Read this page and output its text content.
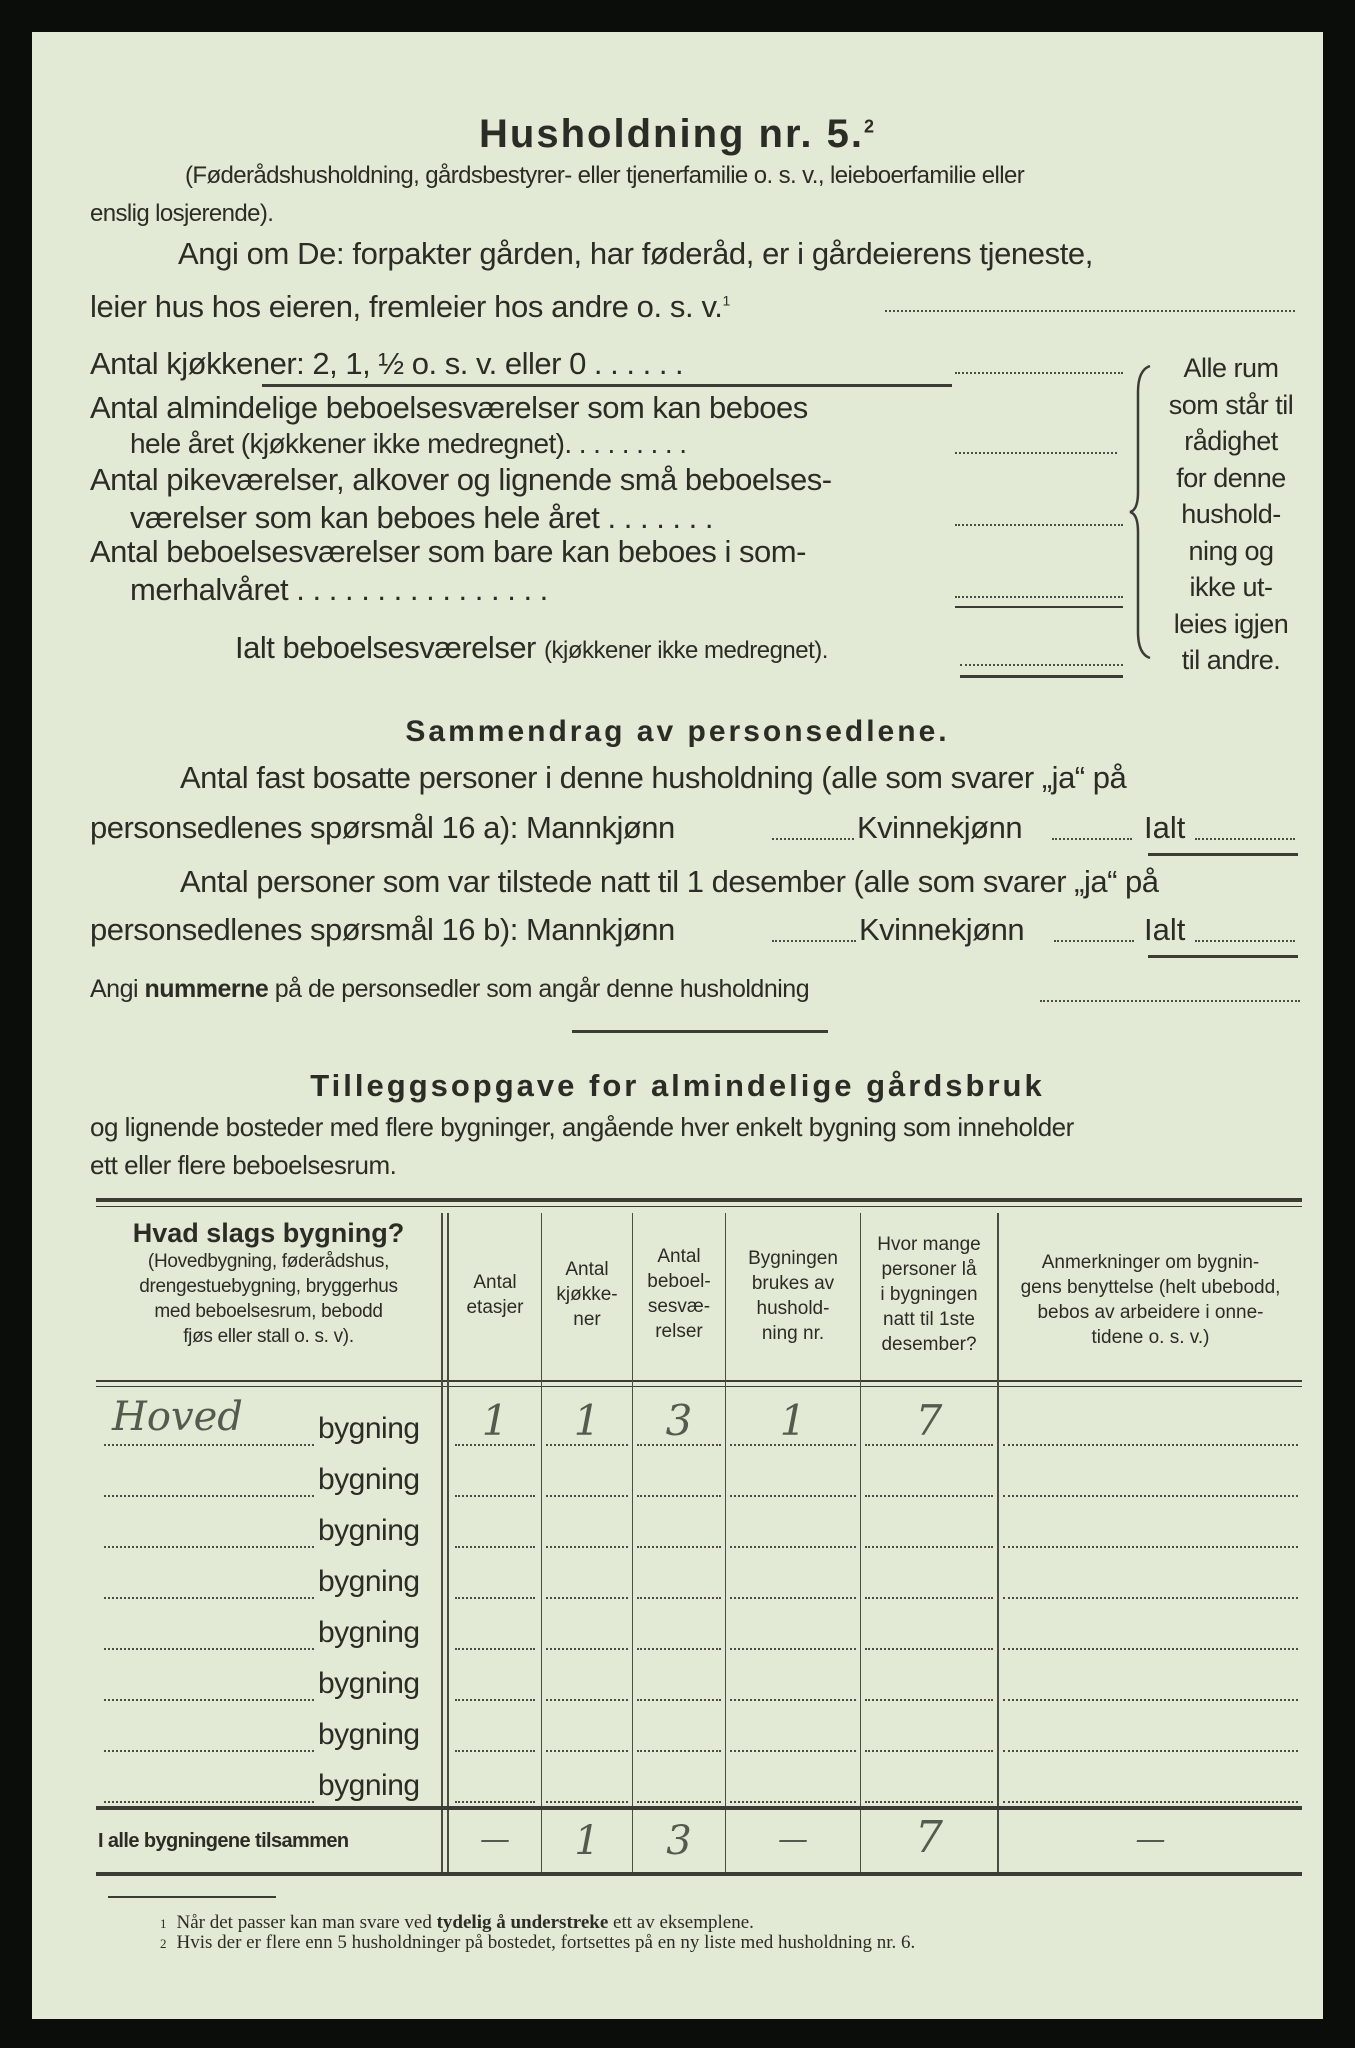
Husholdning nr. 5.$^2$
(Føderådshusholdning, gårdsbestyrer- eller tjenerfamilie o. s. v., leieboerfamilie eller
enslig losjerende).
Angi om De: forpakter gården, har føderåd, er i gårdeierens tjeneste,
leier hus hos eieren, fremleier hos andre o. s. v.$^1$
Antal kjøkkener: 2, 1, ½ o. s. v. eller 0 . . . . . .
Antal almindelige beboelsesværelser som kan beboes
hele året (kjøkkener ikke medregnet). . . . . . . . .
Antal pikeværelser, alkover og lignende små beboelses-
værelser som kan beboes hele året . . . . . . .
Antal beboelsesværelser som bare kan beboes i som-
merhalvåret . . . . . . . . . . . . . . . .
Ialt beboelsesværelser (kjøkkener ikke medregnet).
Alle rum
som står til
rådighet
for denne
hushold-
ning og
ikke ut-
leies igjen
til andre.
Sammendrag av personsedlene.
Antal fast bosatte personer i denne husholdning (alle som svarer „ja“ på
personsedlenes spørsmål 16 a): Mannkjønn	Kvinnekjønn	Ialt
Antal personer som var tilstede natt til 1 desember (alle som svarer „ja“ på
personsedlenes spørsmål 16 b): Mannkjønn	Kvinnekjønn	Ialt
Angi nummerne på de personsedler som angår denne husholdning
Tilleggsopgave for almindelige gårdsbruk
og lignende bosteder med flere bygninger, angående hver enkelt bygning som inneholder
ett eller flere beboelsesrum.
Hvad slags bygning?
(Hovedbygning, føderådshus,
drengestuebygning, bryggerhus
med beboelsesrum, bebodd
fjøs eller stall o. s. v).
Antal
etasjer
Antal
kjøkke-
ner
Antal
beboel-
sesvæ-
relser
Bygningen
brukes av
hushold-
ning nr.
Hvor mange
personer lå
i bygningen
natt til 1ste
desember?
Anmerkninger om bygnin-
gens benyttelse (helt ubebodd,
bebos av arbeidere i onne-
tidene o. s. v.)
Hoved	bygning	1	1	3	1	7
bygning
bygning
bygning
bygning
bygning
bygning
bygning
I alle bygningene tilsammen	—	1	3	—	7	—
1 Når det passer kan man svare ved tydelig å understreke ett av eksemplene.
2 Hvis der er flere enn 5 husholdninger på bostedet, fortsettes på en ny liste med husholdning nr. 6.
